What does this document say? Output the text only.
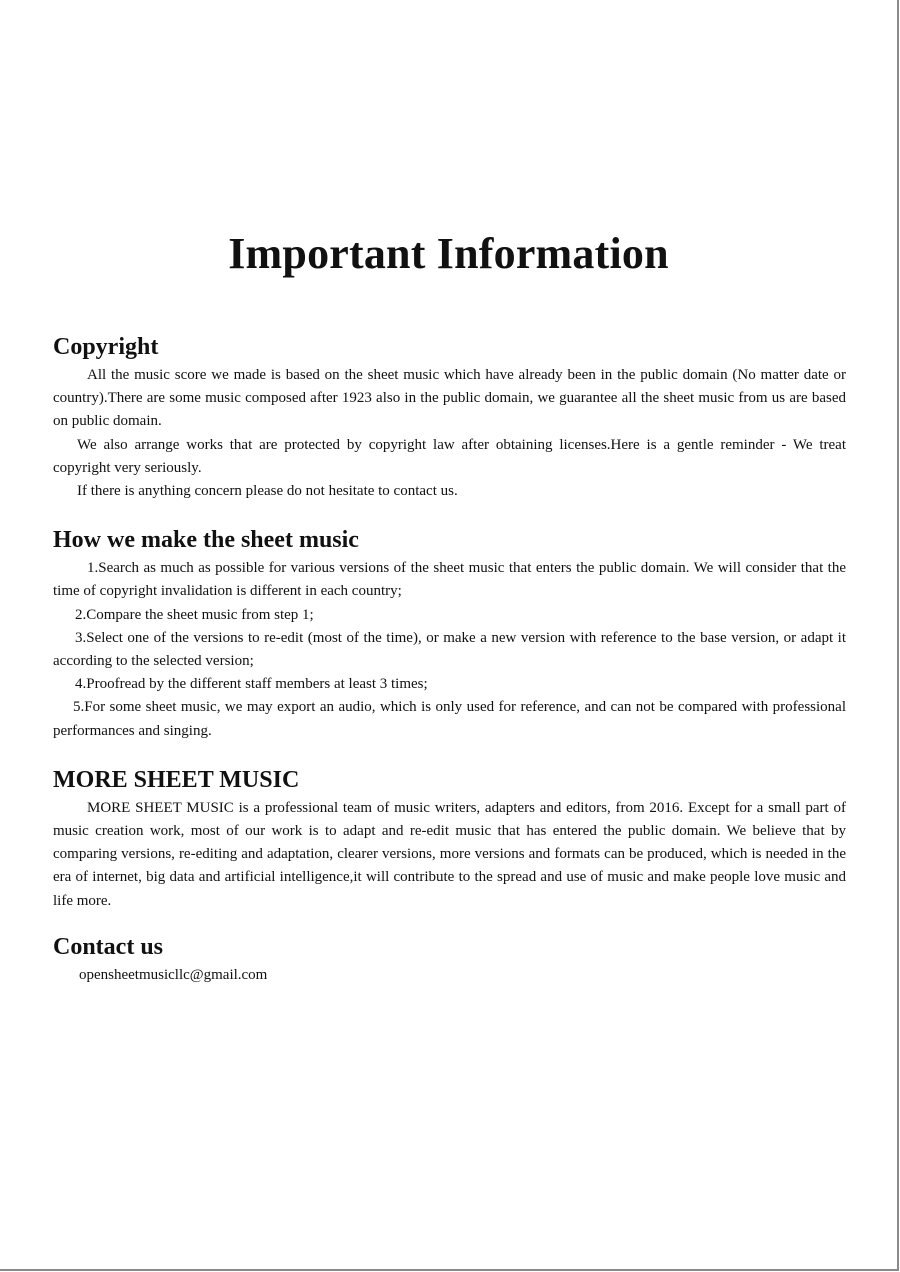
Important Information
Copyright

All the music score we made is based on the sheet music which have already been in the public domain (No matter date or country).There are some music composed after 1923 also in the public domain, we guarantee all the sheet music from us are based on public domain.

We also arrange works that are protected by copyright law after obtaining licenses.Here is a gentle reminder - We treat copyright very seriously.

If there is anything concern please do not hesitate to contact us.

How we make the sheet music

1.Search as much as possible for various versions of the sheet music that enters the public domain. We will consider that the time of copyright invalidation is different in each country;

2.Compare the sheet music from step 1;

3.Select one of the versions to re-edit (most of the time), or make a new version with reference to the base version, or adapt it according to the selected version;

4.Proofread by the different staff members at least 3 times;

5.For some sheet music, we may export an audio, which is only used for reference, and can not be compared with professional performances and singing.

MORE SHEET MUSIC

MORE SHEET MUSIC is a professional team of music writers, adapters and editors, from 2016. Except for a small part of music creation work, most of our work is to adapt and re-edit music that has entered the public domain. We believe that by comparing versions, re-editing and adaptation, clearer versions, more versions and formats can be produced, which is needed in the era of internet, big data and artificial intelligence,it will contribute to the spread and use of music and make people love music and life more.

Contact us

opensheetmusicllc@gmail.com
